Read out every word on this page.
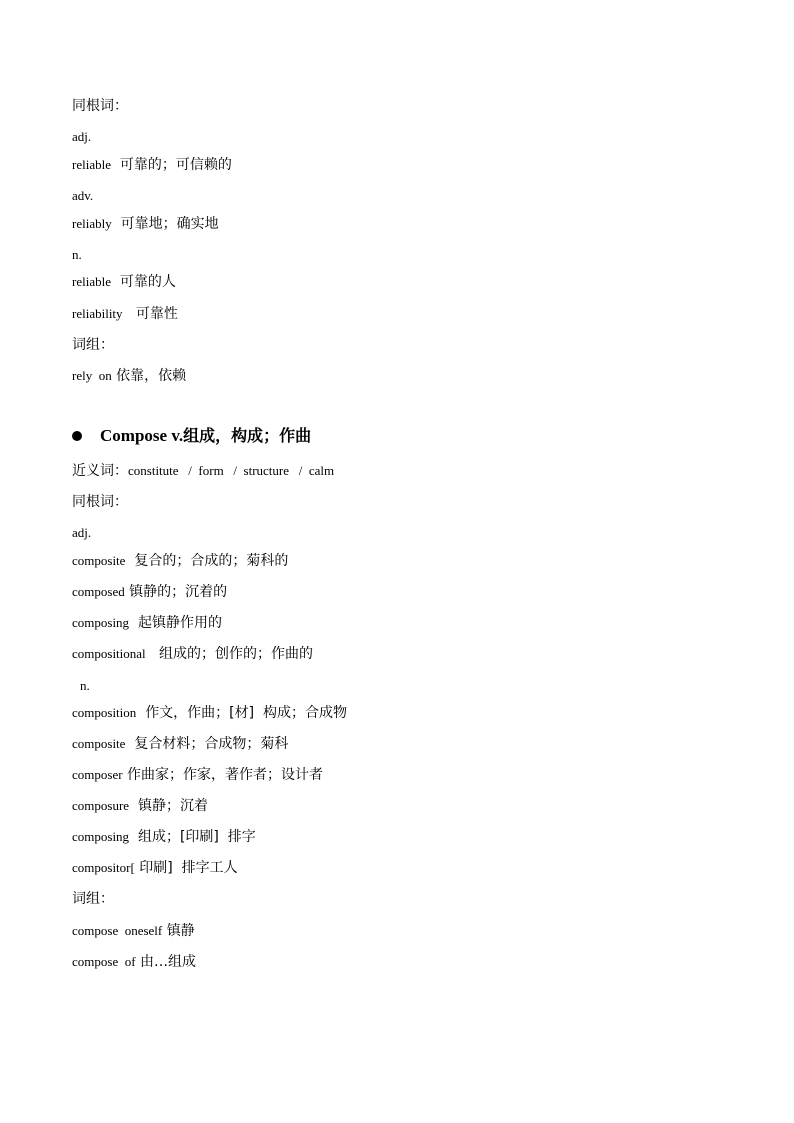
同根词：
adj.
reliable 可靠的；可信赖的
adv.
reliably 可靠地；确实地
n.
reliable 可靠的人
reliability 可靠性
词组：
rely  on 依靠，依赖
Compose v.组成，构成；作曲
近义词：constitute   /  form   /  structure   /  calm
同根词：
adj.
composite 复合的；合成的；菊科的
composed 镇静的；沉着的
composing 起镇静作用的
compositional 组成的；创作的；作曲的
n.
composition 作文，作曲；[材]  构成；合成物
composite 复合材料；合成物；菊科
composer 作曲家；作家，著作者；设计者
composure 镇静；沉着
composing 组成；[印刷]  排字
compositor[ 印刷]  排字工人
词组：
compose  oneself 镇静
compose  of 由…组成
